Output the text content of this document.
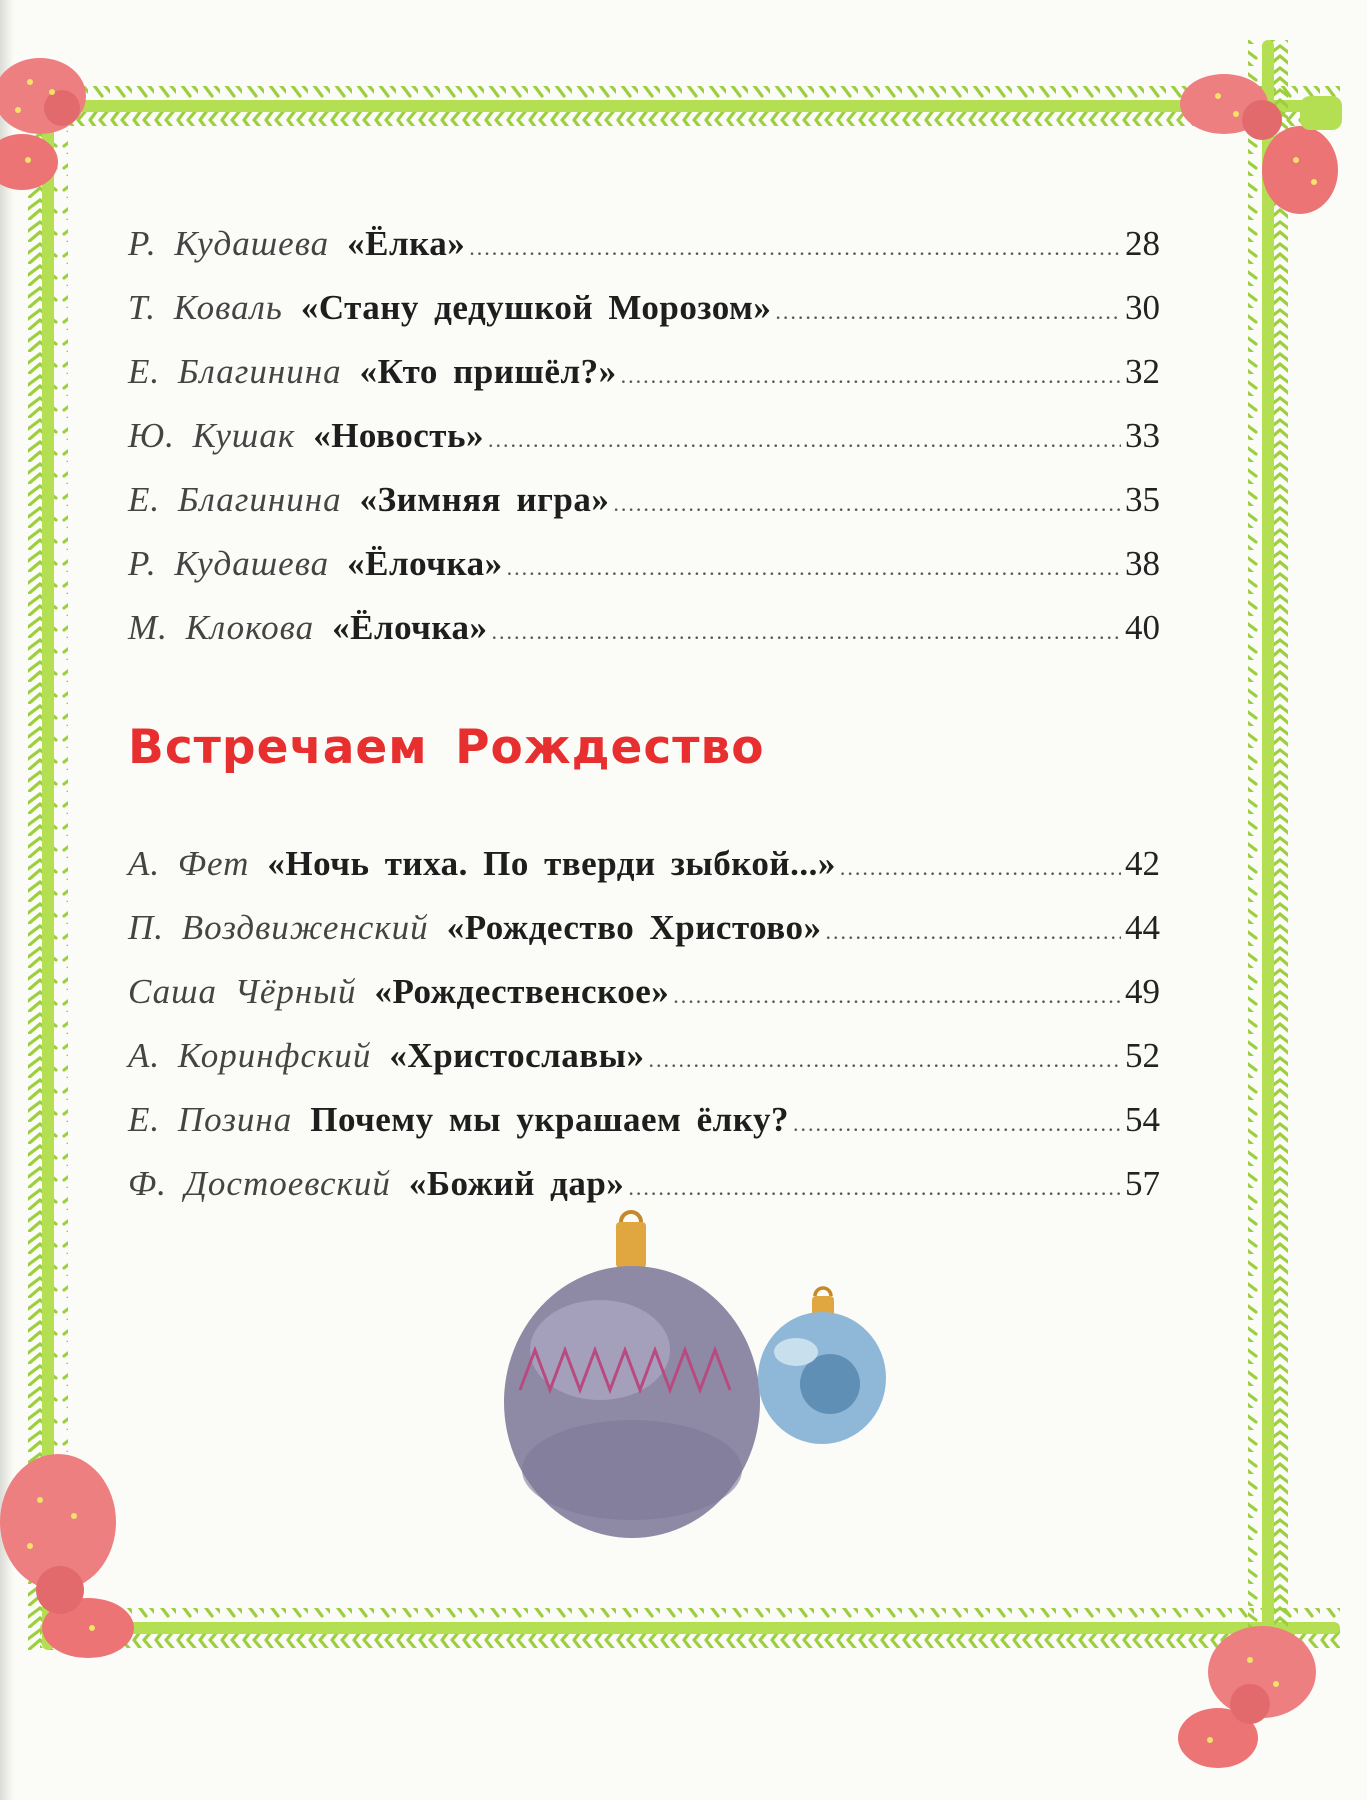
Р. Кудашева «Ёлка» .....	28
Т. Коваль «Стану дедушкой Морозом» .....	30
Е. Благинина «Кто пришёл?» .....	32
Ю. Кушак «Новость» .....	33
Е. Благинина «Зимняя игра» .....	35
Р. Кудашева «Ёлочка» .....	38
М. Клокова «Ёлочка» .....	40
Встречаем Рождество
А. Фет «Ночь тиха. По тверди зыбкой...» .....	42
П. Воздвиженский «Рождество Христово» .....	44
Саша Чёрный «Рождественское» .....	49
А. Коринфский «Христославы» .....	52
Е. Позина Почему мы украшаем ёлку? .....	54
Ф. Достоевский «Божий дар» .....	57
